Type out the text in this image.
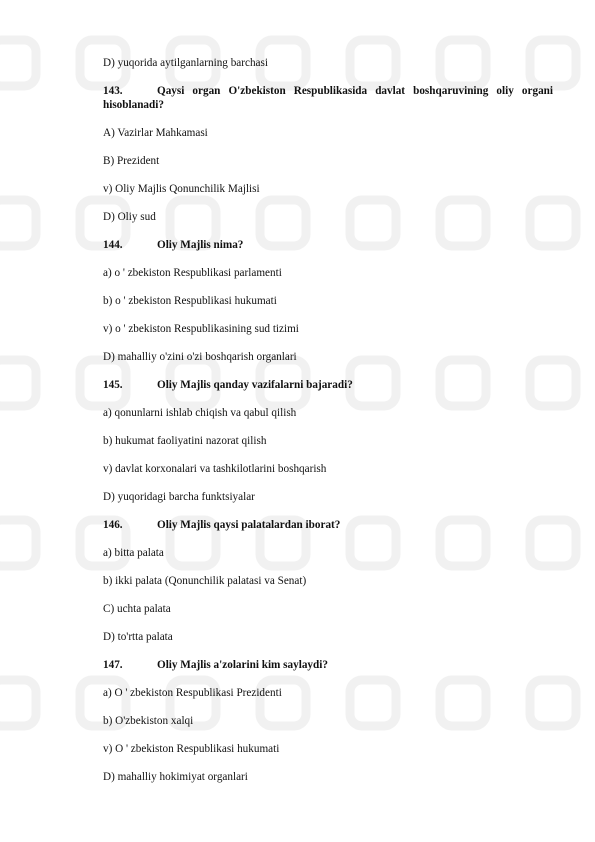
D) yuqorida aytilganlarning barchasi
143.	Qaysi organ O'zbekiston Respublikasida davlat boshqaruvining oliy organi hisoblanadi?
A) Vazirlar Mahkamasi
B) Prezident
v) Oliy Majlis Qonunchilik Majlisi
D) Oliy sud
144.	Oliy Majlis nima?
a) o ' zbekiston Respublikasi parlamenti
b) o ' zbekiston Respublikasi hukumati
v) o ' zbekiston Respublikasining sud tizimi
D) mahalliy o'zini o'zi boshqarish organlari
145.	Oliy Majlis qanday vazifalarni bajaradi?
a) qonunlarni ishlab chiqish va qabul qilish
b) hukumat faoliyatini nazorat qilish
v) davlat korxonalari va tashkilotlarini boshqarish
D) yuqoridagi barcha funktsiyalar
146.	Oliy Majlis qaysi palatalardan iborat?
a) bitta palata
b) ikki palata (Qonunchilik palatasi va Senat)
C) uchta palata
D) to'rtta palata
147.	Oliy Majlis a'zolarini kim saylaydi?
a) O ' zbekiston Respublikasi Prezidenti
b) O'zbekiston xalqi
v) O ' zbekiston Respublikasi hukumati
D) mahalliy hokimiyat organlari
